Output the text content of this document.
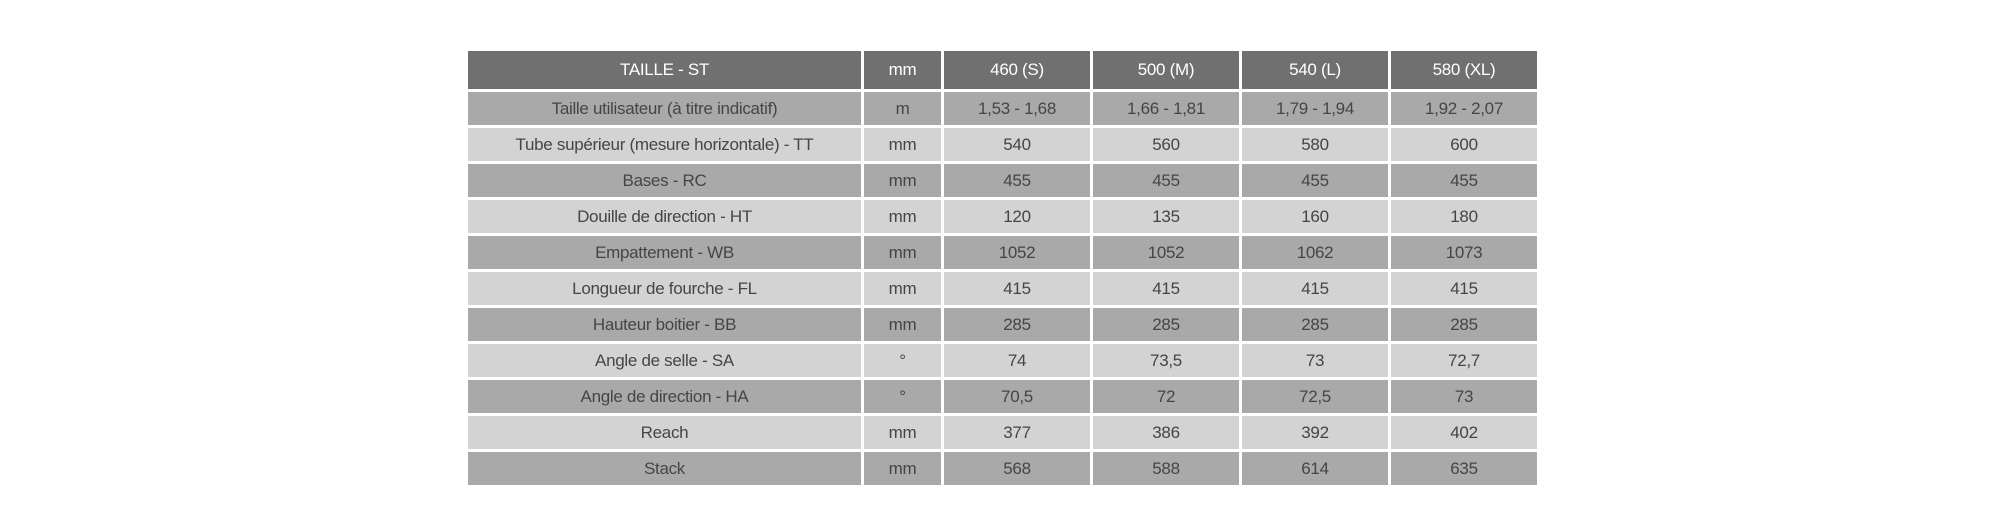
TAILLE - ST	mm	460 (S)	500 (M)	540 (L)	580 (XL)
Taille utilisateur (à titre indicatif)	m	1,53 - 1,68	1,66 - 1,81	1,79 - 1,94	1,92 - 2,07
Tube supérieur (mesure horizontale) - TT	mm	540	560	580	600
Bases - RC	mm	455	455	455	455
Douille de direction - HT	mm	120	135	160	180
Empattement - WB	mm	1052	1052	1062	1073
Longueur de fourche - FL	mm	415	415	415	415
Hauteur boitier - BB	mm	285	285	285	285
Angle de selle - SA	°	74	73,5	73	72,7
Angle de direction - HA	°	70,5	72	72,5	73
Reach	mm	377	386	392	402
Stack	mm	568	588	614	635
